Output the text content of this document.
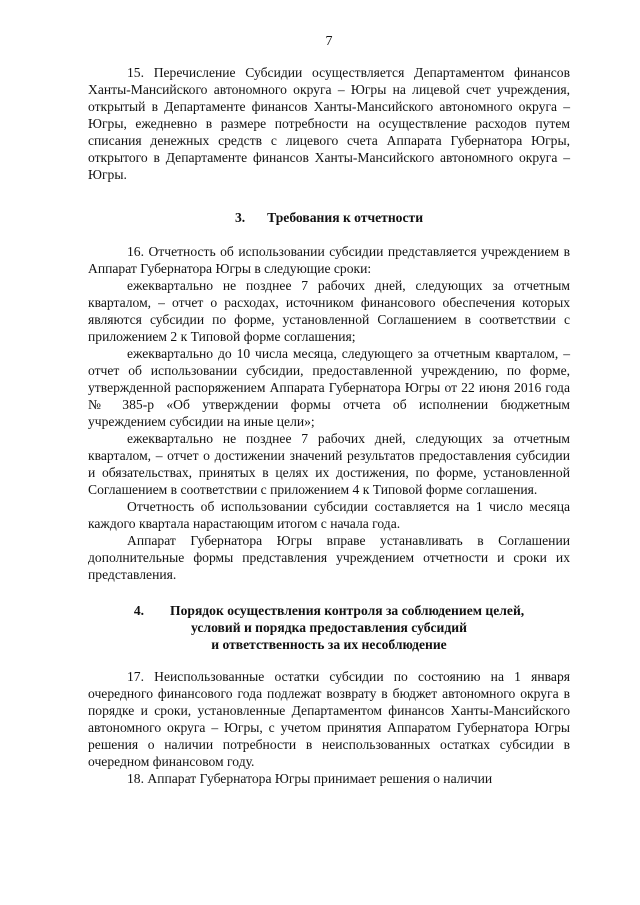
7

15. Перечисление Субсидии осуществляется Департаментом финансов Ханты-Мансийского автономного округа – Югры на лицевой счет учреждения, открытый в Департаменте финансов Ханты-Мансийского автономного округа – Югры, ежедневно в размере потребности на осуществление расходов путем списания денежных средств с лицевого счета Аппарата Губернатора Югры, открытого в Департаменте финансов Ханты-Мансийского автономного округа – Югры.

3. Требования к отчетности

16. Отчетность об использовании субсидии представляется учреждением в Аппарат Губернатора Югры в следующие сроки:

ежеквартально не позднее 7 рабочих дней, следующих за отчетным кварталом, – отчет о расходах, источником финансового обеспечения которых являются субсидии по форме, установленной Соглашением в соответствии с приложением 2 к Типовой форме соглашения;

ежеквартально до 10 числа месяца, следующего за отчетным кварталом, – отчет об использовании субсидии, предоставленной учреждению, по форме, утвержденной распоряжением Аппарата Губернатора Югры от 22 июня 2016 года № 385-р «Об утверждении формы отчета об исполнении бюджетным учреждением субсидии на иные цели»;

ежеквартально не позднее 7 рабочих дней, следующих за отчетным кварталом, – отчет о достижении значений результатов предоставления субсидии и обязательствах, принятых в целях их достижения, по форме, установленной Соглашением в соответствии с приложением 4 к Типовой форме соглашения.

Отчетность об использовании субсидии составляется на 1 число месяца каждого квартала нарастающим итогом с начала года.

Аппарат Губернатора Югры вправе устанавливать в Соглашении дополнительные формы представления учреждением отчетности и сроки их представления.

4. Порядок осуществления контроля за соблюдением целей,
условий и порядка предоставления субсидий
и ответственность за их несоблюдение

17. Неиспользованные остатки субсидии по состоянию на 1 января очередного финансового года подлежат возврату в бюджет автономного округа в порядке и сроки, установленные Департаментом финансов Ханты-Мансийского автономного округа – Югры, с учетом принятия Аппаратом Губернатора Югры решения о наличии потребности в неиспользованных остатках субсидии в очередном финансовом году.

18. Аппарат Губернатора Югры принимает решения о наличии
